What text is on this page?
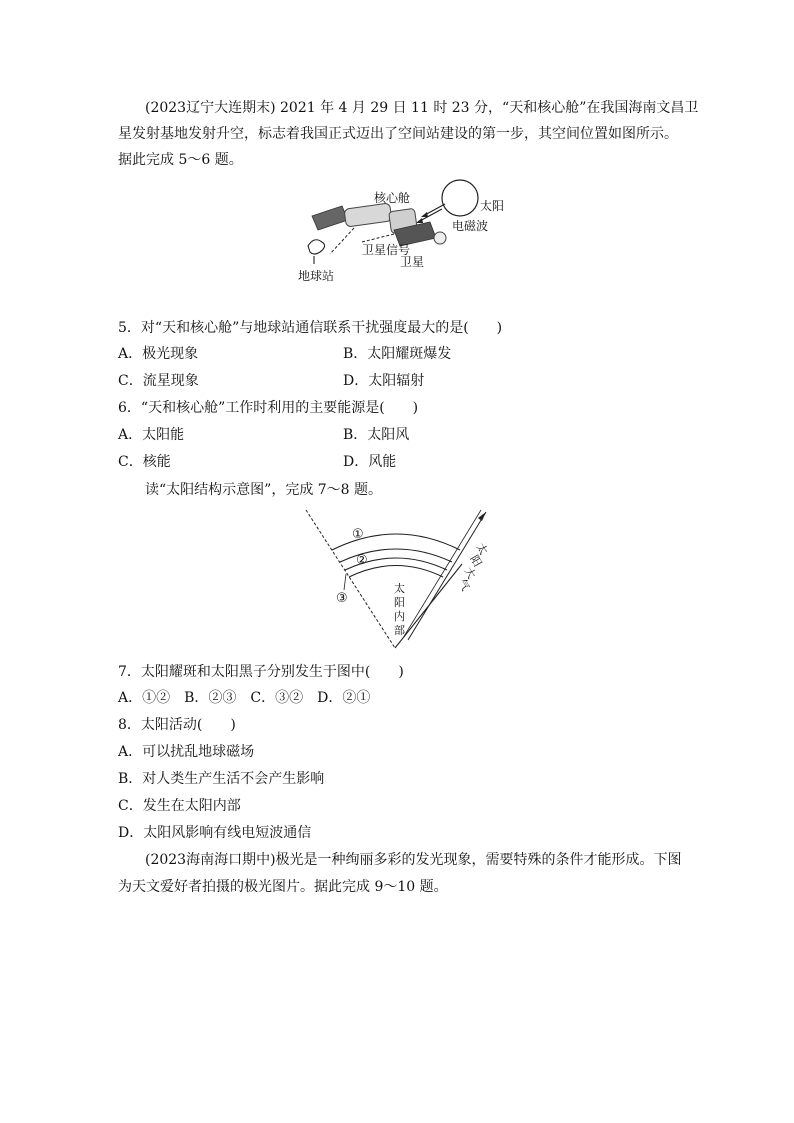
(2023辽宁大连期末) 2021 年 4 月 29 日 11 时 23 分，“天和核心舱”在我国海南文昌卫
星发射基地发射升空，标志着我国正式迈出了空间站建设的第一步，其空间位置如图所示。
据此完成 5～6 题。
核心舱
太阳
电磁波
卫星信号
卫星
地球站
5．对“天和核心舱”与地球站通信联系干扰强度最大的是(　　)
A．极光现象	B．太阳耀斑爆发
C．流星现象	D．太阳辐射
6．“天和核心舱”工作时利用的主要能源是(　　)
A．太阳能	B．太阳风
C．核能	D．风能
读“太阳结构示意图”，完成 7～8 题。
①
②
③
太
阳
内
部
太
阳
大
气
7．太阳耀斑和太阳黑子分别发生于图中(　　)
A．①②　B．②③　C．③②　D．②①
8．太阳活动(　　)
A．可以扰乱地球磁场
B．对人类生产生活不会产生影响
C．发生在太阳内部
D．太阳风影响有线电短波通信
(2023海南海口期中)极光是一种绚丽多彩的发光现象，需要特殊的条件才能形成。下图
为天文爱好者拍摄的极光图片。据此完成 9～10 题。
